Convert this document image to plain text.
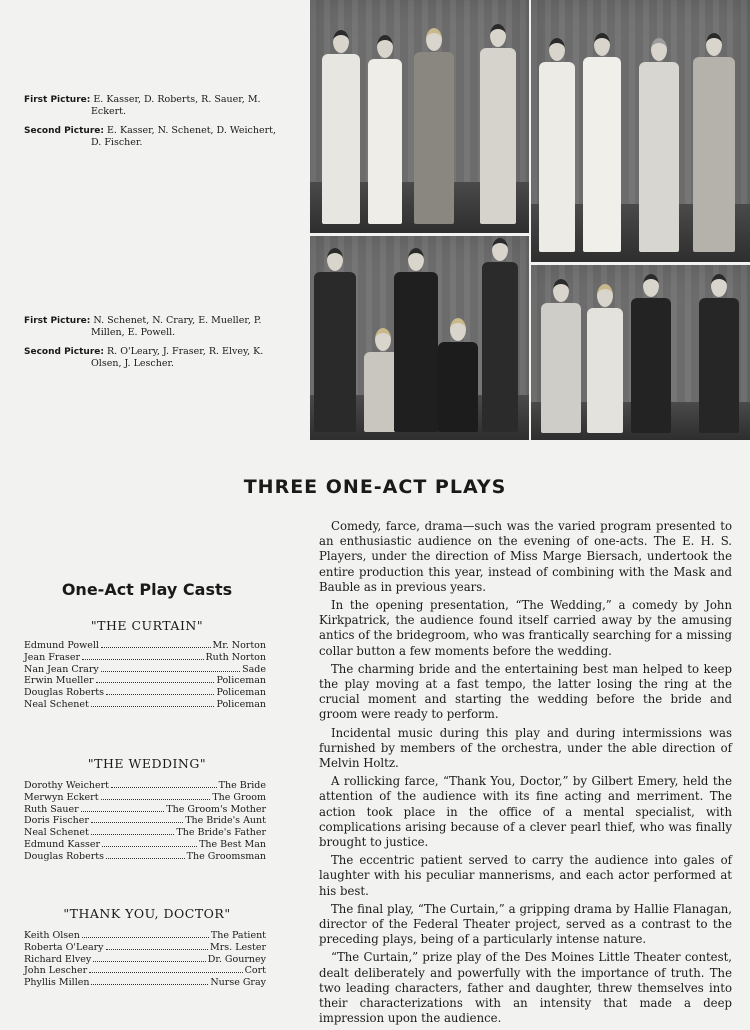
First Picture: E. Kasser, D. Roberts, R. Sauer, M. Eckert.

Second Picture: E. Kasser, N. Schenet, D. Weichert, D. Fischer.

First Picture: N. Schenet, N. Crary, E. Mueller, P. Millen, E. Powell.

Second Picture: R. O'Leary, J. Fraser, R. Elvey, K. Olsen, J. Lescher.

THREE ONE-ACT PLAYS
One-Act Play Casts
"THE CURTAIN"
Edmund Powell	Mr. Norton
Jean Fraser	Ruth Norton
Nan Jean Crary	Sade
Erwin Mueller	Policeman
Douglas Roberts	Policeman
Neal Schenet	Policeman
"THE WEDDING"
Dorothy Weichert	The Bride
Merwyn Eckert	The Groom
Ruth Sauer	The Groom's Mother
Doris Fischer	The Bride's Aunt
Neal Schenet	The Bride's Father
Edmund Kasser	The Best Man
Douglas Roberts	The Groomsman
"THANK YOU, DOCTOR"
Keith Olsen	The Patient
Roberta O'Leary	Mrs. Lester
Richard Elvey	Dr. Gourney
John Lescher	Cort
Phyllis Millen	Nurse Gray

Comedy, farce, drama—such was the varied program presented to an enthusiastic audience on the evening of one-acts. The E. H. S. Players, under the direction of Miss Marge Biersach, undertook the entire production this year, instead of combining with the Mask and Bauble as in previous years.

In the opening presentation, “The Wedding,” a comedy by John Kirkpatrick, the audience found itself carried away by the amusing antics of the bridegroom, who was frantically searching for a missing collar button a few moments before the wedding.

The charming bride and the entertaining best man helped to keep the play moving at a fast tempo, the latter losing the ring at the crucial moment and starting the wedding before the bride and groom were ready to perform.

Incidental music during this play and during intermissions was furnished by members of the orchestra, under the able direction of Melvin Holtz.

A rollicking farce, “Thank You, Doctor,” by Gilbert Emery, held the attention of the audience with its fine acting and merriment. The action took place in the office of a mental specialist, with complications arising because of a clever pearl thief, who was finally brought to justice.

The eccentric patient served to carry the audience into gales of laughter with his peculiar mannerisms, and each actor performed at his best.

The final play, “The Curtain,” a gripping drama by Hallie Flanagan, director of the Federal Theater project, served as a contrast to the preceding plays, being of a particularly intense nature.

“The Curtain,” prize play of the Des Moines Little Theater contest, dealt deliberately and powerfully with the importance of truth. The two leading characters, father and daughter, threw themselves into their characterizations with an intensity that made a deep impression upon the audience.
